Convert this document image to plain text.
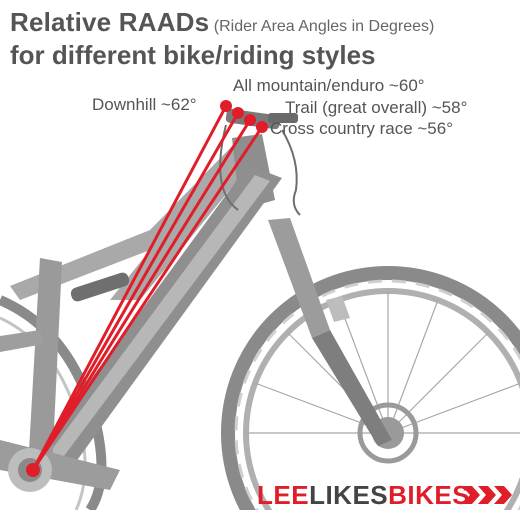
Relative RAADs (Rider Area Angles in Degrees)
for different bike/riding styles
Downhill ~62°
All mountain/enduro ~60°
Trail (great overall) ~58°
Cross country race ~56°
LEELIKESBIKES
